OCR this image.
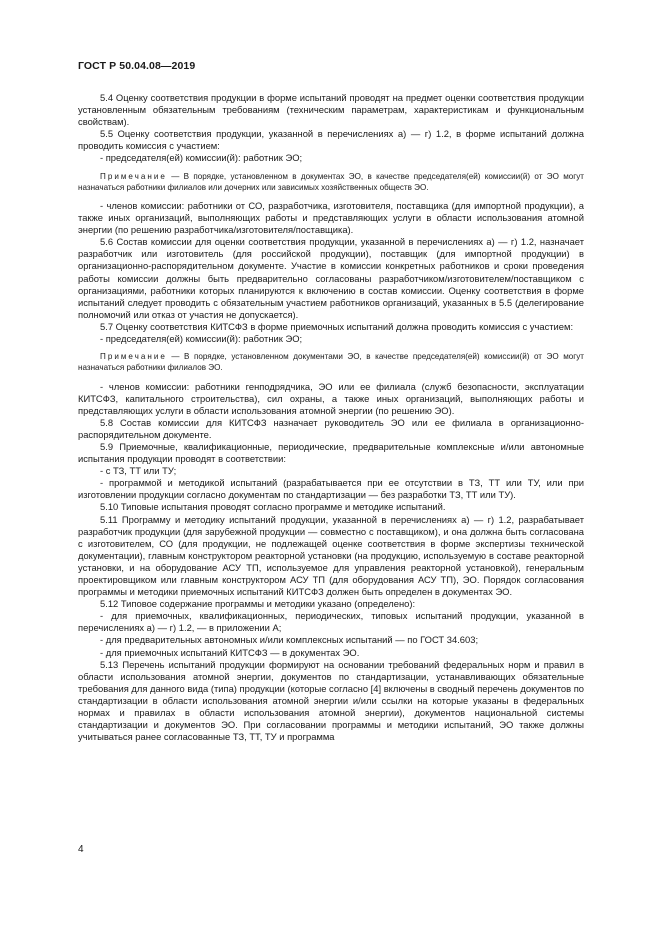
ГОСТ Р 50.04.08—2019

5.4 Оценку соответствия продукции в форме испытаний проводят на предмет оценки соответствия продукции установленным обязательным требованиям (техническим параметрам, характеристикам и функциональным свойствам).

5.5 Оценку соответствия продукции, указанной в перечислениях а) — г) 1.2, в форме испытаний должна проводить комиссия с участием:

- председателя(ей) комиссии(й): работник ЭО;

Примечание — В порядке, установленном в документах ЭО, в качестве председателя(ей) комиссии(й) от ЭО могут назначаться работники филиалов или дочерних или зависимых хозяйственных обществ ЭО.

- членов комиссии: работники от СО, разработчика, изготовителя, поставщика (для импортной продукции), а также иных организаций, выполняющих работы и представляющих услуги в области использования атомной энергии (по решению разработчика/изготовителя/поставщика).

5.6 Состав комиссии для оценки соответствия продукции, указанной в перечислениях а) — г) 1.2, назначает разработчик или изготовитель (для российской продукции), поставщик (для импортной продукции) в организационно-распорядительном документе. Участие в комиссии конкретных работников и сроки проведения работы комиссии должны быть предварительно согласованы разработчиком/изготовителем/поставщиком с организациями, работники которых планируются к включению в состав комиссии. Оценку соответствия в форме испытаний следует проводить с обязательным участием работников организаций, указанных в 5.5 (делегирование полномочий или отказ от участия не допускается).

5.7 Оценку соответствия КИТСФЗ в форме приемочных испытаний должна проводить комиссия с участием:

- председателя(ей) комиссии(й): работник ЭО;

Примечание — В порядке, установленном документами ЭО, в качестве председателя(ей) комиссии(й) от ЭО могут назначаться работники филиалов ЭО.

- членов комиссии: работники генподрядчика, ЭО или ее филиала (служб безопасности, эксплуатации КИТСФЗ, капитального строительства), сил охраны, а также иных организаций, выполняющих работы и представляющих услуги в области использования атомной энергии (по решению ЭО).

5.8 Состав комиссии для КИТСФЗ назначает руководитель ЭО или ее филиала в организационно-распорядительном документе.

5.9 Приемочные, квалификационные, периодические, предварительные комплексные и/или автономные испытания продукции проводят в соответствии:

- с ТЗ, ТТ или ТУ;

- программой и методикой испытаний (разрабатывается при ее отсутствии в ТЗ, ТТ или ТУ, или при изготовлении продукции согласно документам по стандартизации — без разработки ТЗ, ТТ или ТУ).

5.10 Типовые испытания проводят согласно программе и методике испытаний.

5.11 Программу и методику испытаний продукции, указанной в перечислениях а) — г) 1.2, разрабатывает разработчик продукции (для зарубежной продукции — совместно с поставщиком), и она должна быть согласована с изготовителем, СО (для продукции, не подлежащей оценке соответствия в форме экспертизы технической документации), главным конструктором реакторной установки (на продукцию, используемую в составе реакторной установки, и на оборудование АСУ ТП, используемое для управления реакторной установкой), генеральным проектировщиком или главным конструктором АСУ ТП (для оборудования АСУ ТП), ЭО. Порядок согласования программы и методики приемочных испытаний КИТСФЗ должен быть определен в документах ЭО.

5.12 Типовое содержание программы и методики указано (определено):

- для приемочных, квалификационных, периодических, типовых испытаний продукции, указанной в перечислениях а) — г) 1.2, — в приложении А;

- для предварительных автономных и/или комплексных испытаний — по ГОСТ 34.603;

- для приемочных испытаний КИТСФЗ — в документах ЭО.

5.13 Перечень испытаний продукции формируют на основании требований федеральных норм и правил в области использования атомной энергии, документов по стандартизации, устанавливающих обязательные требования для данного вида (типа) продукции (которые согласно [4] включены в сводный перечень документов по стандартизации в области использования атомной энергии и/или ссылки на которые указаны в федеральных нормах и правилах в области использования атомной энергии), документов национальной системы стандартизации и документов ЭО. При согласовании программы и методики испытаний, ЭО также должны учитываться ранее согласованные ТЗ, ТТ, ТУ и программа

4
